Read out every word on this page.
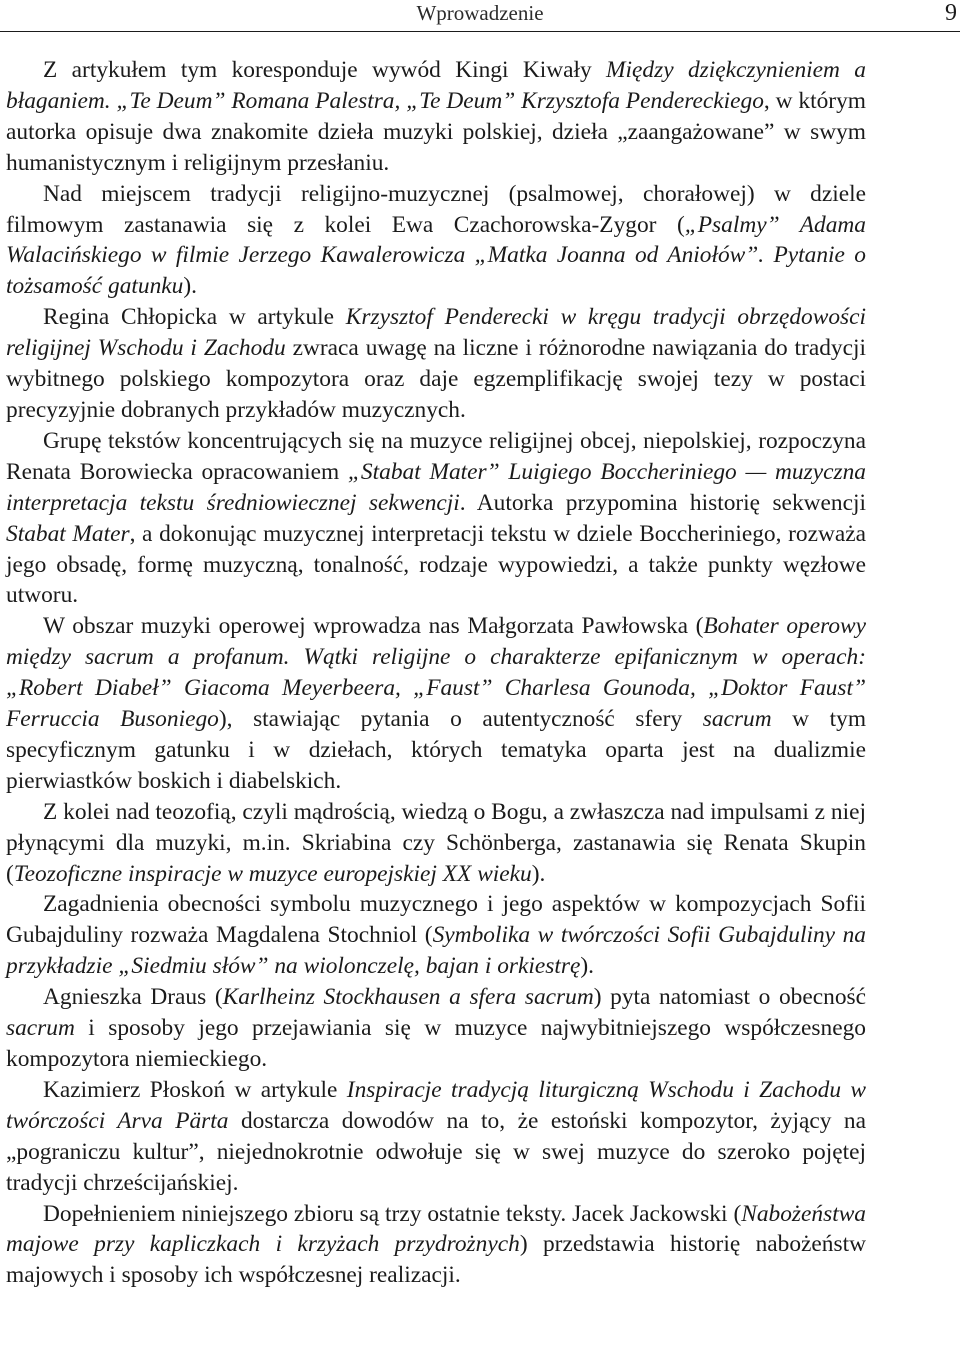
Wprowadzenie	9

Z artykułem tym koresponduje wywód Kingi Kiwały Między dziękczynieniem a błaganiem. „Te Deum” Romana Palestra, „Te Deum” Krzysztofa Pendereckiego, w którym autorka opisuje dwa znakomite dzieła muzyki polskiej, dzieła „zaangażowane” w swym humanistycznym i religijnym przesłaniu.

Nad miejscem tradycji religijno-muzycznej (psalmowej, chorałowej) w dziele filmowym zastanawia się z kolei Ewa Czachorowska-Zygor („Psalmy” Adama Walacińskiego w filmie Jerzego Kawalerowicza „Matka Joanna od Aniołów”. Pytanie o tożsamość gatunku).

Regina Chłopicka w artykule Krzysztof Penderecki w kręgu tradycji obrzędowości religijnej Wschodu i Zachodu zwraca uwagę na liczne i różnorodne nawiązania do tradycji wybitnego polskiego kompozytora oraz daje egzemplifikację swojej tezy w postaci precyzyjnie dobranych przykładów muzycznych.

Grupę tekstów koncentrujących się na muzyce religijnej obcej, niepolskiej, rozpoczyna Renata Borowiecka opracowaniem „Stabat Mater” Luigiego Boccheriniego — muzyczna interpretacja tekstu średniowiecznej sekwencji. Autorka przypomina historię sekwencji Stabat Mater, a dokonując muzycznej interpretacji tekstu w dziele Boccheriniego, rozważa jego obsadę, formę muzyczną, tonalność, rodzaje wypowiedzi, a także punkty węzłowe utworu.

W obszar muzyki operowej wprowadza nas Małgorzata Pawłowska (Bohater operowy między sacrum a profanum. Wątki religijne o charakterze epifanicznym w operach: „Robert Diabeł” Giacoma Meyerbeera, „Faust” Charlesa Gounoda, „Doktor Faust” Ferruccia Busoniego), stawiając pytania o autentyczność sfery sacrum w tym specyficznym gatunku i w dziełach, których tematyka oparta jest na dualizmie pierwiastków boskich i diabelskich.

Z kolei nad teozofią, czyli mądrością, wiedzą o Bogu, a zwłaszcza nad impulsami z niej płynącymi dla muzyki, m.in. Skriabina czy Schönberga, zastanawia się Renata Skupin (Teozoficzne inspiracje w muzyce europejskiej XX wieku).

Zagadnienia obecności symbolu muzycznego i jego aspektów w kompozycjach Sofii Gubajduliny rozważa Magdalena Stochniol (Symbolika w twórczości Sofii Gubajduliny na przykładzie „Siedmiu słów” na wiolonczelę, bajan i orkiestrę).

Agnieszka Draus (Karlheinz Stockhausen a sfera sacrum) pyta natomiast o obecność sacrum i sposoby jego przejawiania się w muzyce najwybitniejszego współczesnego kompozytora niemieckiego.

Kazimierz Płoskoń w artykule Inspiracje tradycją liturgiczną Wschodu i Zachodu w twórczości Arva Pärta dostarcza dowodów na to, że estoński kompozytor, żyjący na „pograniczu kultur”, niejednokrotnie odwołuje się w swej muzyce do szeroko pojętej tradycji chrześcijańskiej.

Dopełnieniem niniejszego zbioru są trzy ostatnie teksty. Jacek Jackowski (Nabożeństwa majowe przy kapliczkach i krzyżach przydrożnych) przedstawia historię nabożeństw majowych i sposoby ich współczesnej realizacji.
